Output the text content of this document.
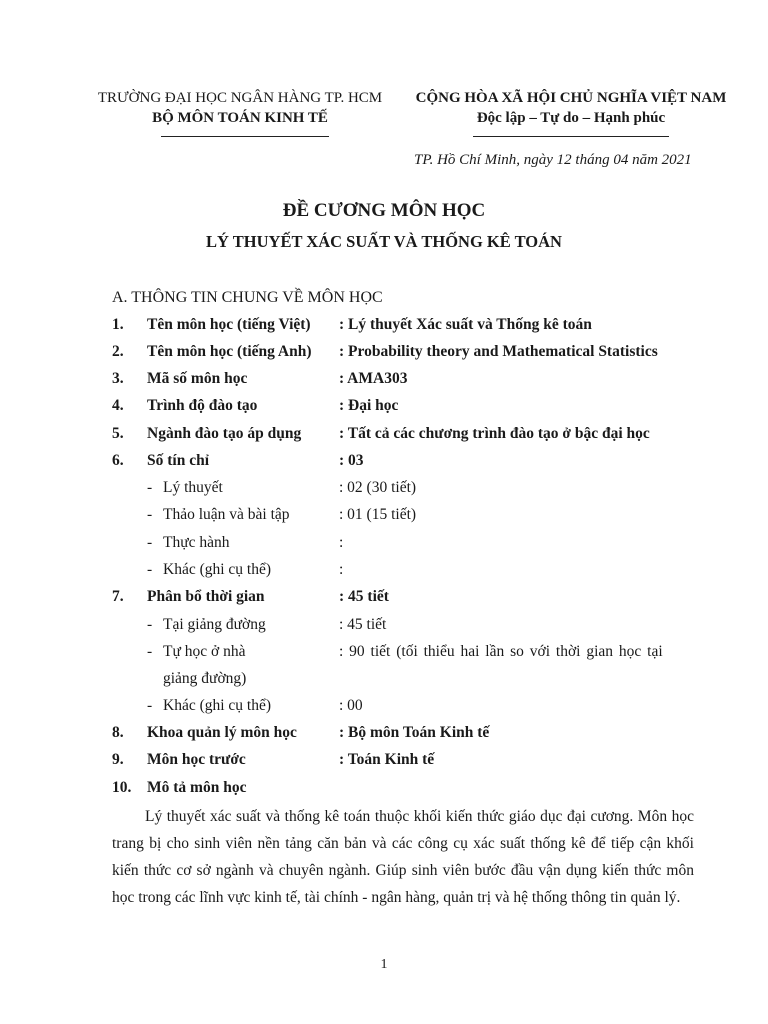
TRƯỜNG ĐẠI HỌC NGÂN HÀNG TP. HCM
BỘ MÔN TOÁN KINH TẾ
CỘNG HÒA XÃ HỘI CHỦ NGHĨA VIỆT NAM
Độc lập – Tự do – Hạnh phúc
TP. Hồ Chí Minh, ngày 12 tháng 04 năm 2021
ĐỀ CƯƠNG MÔN HỌC
LÝ THUYẾT XÁC SUẤT VÀ THỐNG KÊ TOÁN
A. THÔNG TIN CHUNG VỀ MÔN HỌC
1. Tên môn học (tiếng Việt) : Lý thuyết Xác suất và Thống kê toán
2. Tên môn học (tiếng Anh) : Probability theory and Mathematical Statistics
3. Mã số môn học	: AMA303
4. Trình độ đào tạo	: Đại học
5. Ngành đào tạo áp dụng : Tất cả các chương trình đào tạo ở bậc đại học
6. Số tín chỉ	: 03
- Lý thuyết	: 02 (30 tiết)
- Thảo luận và bài tập	: 01 (15 tiết)
- Thực hành	:
- Khác (ghi cụ thể)	:
7. Phân bổ thời gian	: 45 tiết
- Tại giảng đường	: 45 tiết
- Tự học ở nhà	: 90 tiết (tối thiểu hai lần so với thời gian học tại
giảng đường)
- Khác (ghi cụ thể)	: 00
8. Khoa quản lý môn học	: Bộ môn Toán Kinh tế
9. Môn học trước	: Toán Kinh tế
10. Mô tả môn học
Lý thuyết xác suất và thống kê toán thuộc khối kiến thức giáo dục đại cương. Môn học trang bị cho sinh viên nền tảng căn bản và các công cụ xác suất thống kê để tiếp cận khối kiến thức cơ sở ngành và chuyên ngành. Giúp sinh viên bước đầu vận dụng kiến thức môn học trong các lĩnh vực kinh tế, tài chính - ngân hàng, quản trị và hệ thống thông tin quản lý.
1
